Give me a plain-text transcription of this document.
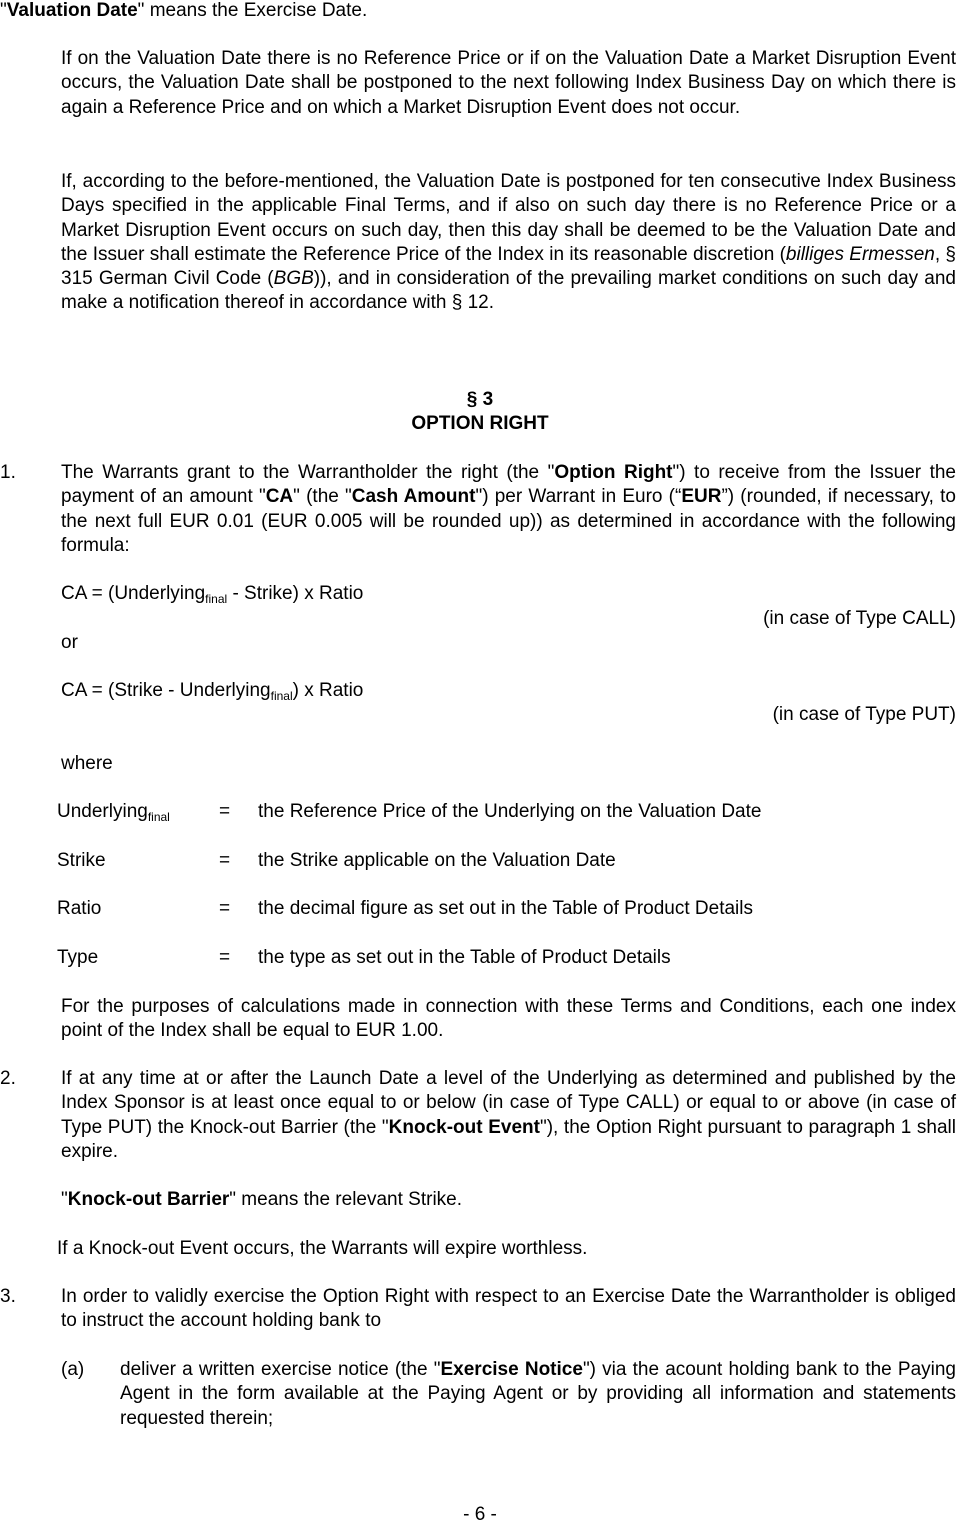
"Valuation Date" means the Exercise Date.
If on the Valuation Date there is no Reference Price or if on the Valuation Date a Market Disruption Event occurs, the Valuation Date shall be postponed to the next following Index Business Day on which there is again a Reference Price and on which a Market Disruption Event does not occur.
If, according to the before-mentioned, the Valuation Date is postponed for ten consecutive Index Business Days specified in the applicable Final Terms, and if also on such day there is no Reference Price or a Market Disruption Event occurs on such day, then this day shall be deemed to be the Valuation Date and the Issuer shall estimate the Reference Price of the Index in its reasonable discretion (billiges Ermessen, § 315 German Civil Code (BGB)), and in consideration of the prevailing market conditions on such day and make a notification thereof in accordance with § 12.
§ 3
OPTION RIGHT
1. The Warrants grant to the Warrantholder the right (the "Option Right") to receive from the Issuer the payment of an amount "CA" (the "Cash Amount") per Warrant in Euro (“EUR”) (rounded, if necessary, to the next full EUR 0.01 (EUR 0.005 will be rounded up)) as determined in accordance with the following formula:
CA = (Underlying$_{final}$ - Strike) x Ratio
(in case of Type CALL)
or
CA = (Strike - Underlying$_{final}$) x Ratio
(in case of Type PUT)
where
Underlying$_{final}$	= the Reference Price of the Underlying on the Valuation Date
Strike	= the Strike applicable on the Valuation Date
Ratio	= the decimal figure as set out in the Table of Product Details
Type	= the type as set out in the Table of Product Details
For the purposes of calculations made in connection with these Terms and Conditions, each one index point of the Index shall be equal to EUR 1.00.
2. If at any time at or after the Launch Date a level of the Underlying as determined and published by the Index Sponsor is at least once equal to or below (in case of Type CALL) or equal to or above (in case of Type PUT) the Knock-out Barrier (the "Knock-out Event"), the Option Right pursuant to paragraph 1 shall expire.
"Knock-out Barrier" means the relevant Strike.
If a Knock-out Event occurs, the Warrants will expire worthless.
3. In order to validly exercise the Option Right with respect to an Exercise Date the Warrantholder is obliged to instruct the account holding bank to
(a) deliver a written exercise notice (the "Exercise Notice") via the acount holding bank to the Paying Agent in the form available at the Paying Agent or by providing all information and statements requested therein;
- 6 -
